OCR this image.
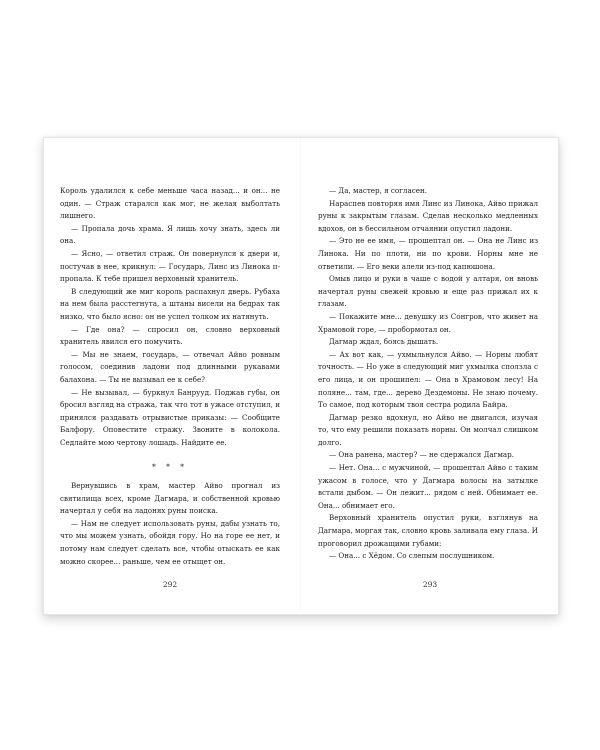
Король удалился к себе меньше часа назад... и он... не один. — Страж старался как мог, не желая выболтать лишнего.

— Пропала дочь храма. Я лишь хочу знать, здесь ли она.

— Ясно, — ответил страж. Он повернулся к двери и, постучав в нее, крикнул: — Государь, Линс из Линока п-пропала. К тебе пришел верховный хранитель.

В следующий же миг король распахнул дверь. Рубаха на нем была расстегнута, а штаны висели на бедрах так низко, что было ясно: он не успел толком их натянуть.

— Где она? — спросил он, словно верховный хранитель явился его помучить.

— Мы не знаем, государь, — отвечал Айво ровным голосом, соединив ладони под длинными рукавами балахона. — Ты не вызывал ее к себе?

— Не вызывал, — буркнул Банрууд. Поджав губы, он бросил взгляд на стража, так что тот в ужасе отступил, и принялся раздавать отрывистые приказы: — Сообщите Балфору. Оповестите стражу. Звоните в колокола. Седлайте мою чертову лошадь. Найдите ее.

* * *

Вернувшись в храм, мастер Айво прогнал из святилища всех, кроме Дагмара, и собственной кровью начертал у себя на ладонях руны поиска.

— Нам не следует использовать руны, дабы узнать то, что мы можем узнать, обойдя гору. Но на горе ее нет, и потому нам следует сделать все, чтобы отыскать ее как можно скорее... раньше, чем ее отыщет он.

292

— Да, мастер, я согласен.

Нараспев повторяя имя Линс из Линока, Айво прижал руны к закрытым глазам. Сделав несколько медленных вдохов, он в бессильном отчаянии опустил ладони.

— Это не ее имя, — прошептал он. — Она не Линс из Линока. Ни по плоти, ни по крови. Норны мне не ответили. — Его веки алели из-под капюшона.

Омыв лицо и руки в чаше с водой у алтаря, он вновь начертал руны свежей кровью и еще раз прижал их к глазам.

— Покажите мне... девушку из Сонгров, что живет на Храмовой горе, — пробормотал он.

Дагмар ждал, боясь дышать.

— Ах вот как, — ухмыльнулся Айво. — Норны любят точность. — Но уже в следующий миг ухмылка сползла с его лица, и он прошипел: — Она в Храмовом лесу! На поляне... там, где... дерево Дездемоны. Не знаю почему. То самое, под которым твоя сестра родила Байра.

Дагмар резко вдохнул, но Айво не двигался, изучая то, что ему решили показать норны. Он молчал слишком долго.

— Она ранена, мастер? — не сдержался Дагмар.

— Нет. Она... с мужчиной, — прошептал Айво с таким ужасом в голосе, что у Дагмара волосы на затылке встали дыбом. — Он лежит... рядом с ней. Обнимает ее. Она... обнимает его.

Верховный хранитель опустил руки, взглянув на Дагмара, моргая так, словно кровь заливала ему глаза. И проговорил дрожащими губами:

— Она... с Хёдом. Со слепым послушником.

293
